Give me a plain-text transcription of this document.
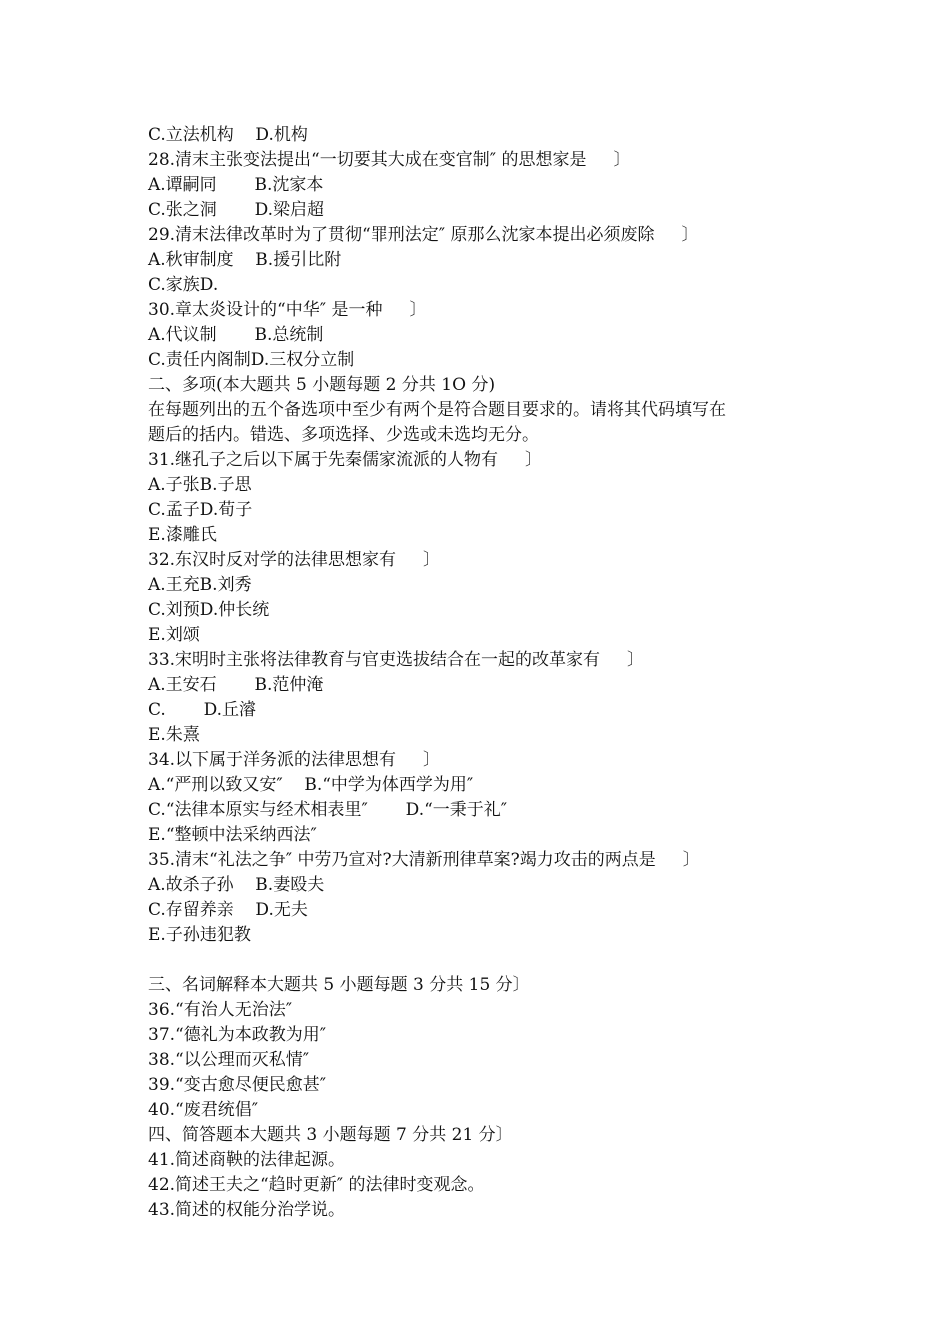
C.立法机构    D.机构
28.清末主张变法提出“一切要其大成在变官制″ 的思想家是     〕
A.谭嗣同       B.沈家本
C.张之洞       D.梁启超
29.清末法律改革时为了贯彻“罪刑法定″ 原那么沈家本提出必须废除     〕
A.秋审制度    B.援引比附
C.家族D.
30.章太炎设计的“中华″ 是一种     〕
A.代议制       B.总统制
C.责任内阁制D.三权分立制
二、多项(本大题共 5 小题每题 2 分共 1O 分)
在每题列出的五个备选项中至少有两个是符合题目要求的。请将其代码填写在
题后的括内。错选、多项选择、少选或未选均无分。
31.继孔子之后以下属于先秦儒家流派的人物有     〕
A.子张B.子思
C.孟子D.荀子
E.漆雕氏
32.东汉时反对学的法律思想家有     〕
A.王充B.刘秀
C.刘预D.仲长统
E.刘颂
33.宋明时主张将法律教育与官吏选拔结合在一起的改革家有     〕
A.王安石       B.范仲淹
C.       D.丘濬
E.朱熹
34.以下属于洋务派的法律思想有     〕
A.“严刑以致又安″    B.“中学为体西学为用″
C.“法律本原实与经术相表里″       D.“一秉于礼″
E.“整顿中法采纳西法″
35.清末“礼法之争″ 中劳乃宣对?大清新刑律草案?竭力攻击的两点是     〕
A.故杀子孙    B.妻殴夫
C.存留养亲    D.无夫
E.子孙违犯教
三、名词解释本大题共 5 小题每题 3 分共 15 分〕
36.“有治人无治法″
37.“德礼为本政教为用″
38.“以公理而灭私情″
39.“变古愈尽便民愈甚″
40.“废君统倡″
四、简答题本大题共 3 小题每题 7 分共 21 分〕
41.简述商鞅的法律起源。
42.简述王夫之“趋时更新″ 的法律时变观念。
43.简述的权能分治学说。
